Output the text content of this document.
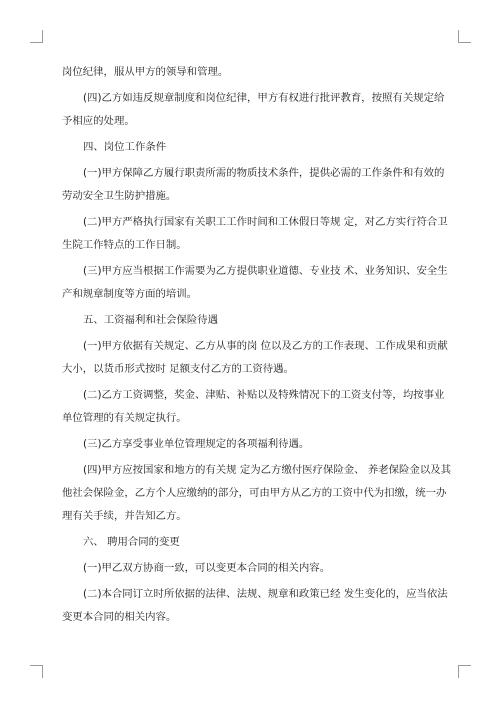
岗位纪律，服从甲方的领导和管理。
(四)乙方如违反规章制度和岗位纪律，甲方有权进行批评教育，按照有关规定给
予相应的处理。
四、岗位工作条件
(一)甲方保障乙方履行职责所需的物质技术条件，提供必需的工作条件和有效的
劳动安全卫生防护措施。
(二)甲方严格执行国家有关职工工作时间和工休假日等规 定，对乙方实行符合卫
生院工作特点的工作日制。
(三)甲方应当根据工作需要为乙方提供职业道德、专业技 术、业务知识、安全生
产和规章制度等方面的培训。
五、工资福利和社会保险待遇
(一)甲方依据有关规定、乙方从事的岗 位以及乙方的工作表现、工作成果和贡献
大小，以货币形式按时 足额支付乙方的工资待遇。
(二)乙方工资调整，奖金、津贴、补贴以及特殊情况下的工资支付等，均按事业
单位管理的有关规定执行。
(三)乙方享受事业单位管理规定的各项福利待遇。
(四)甲方应按国家和地方的有关规 定为乙方缴付医疗保险金、 养老保险金以及其
他社会保险金，乙方个人应缴纳的部分，可由甲方从乙方的工资中代为扣缴，统一办
理有关手续，并告知乙方。
六、 聘用合同的变更
(一)甲乙双方协商一致，可以变更本合同的相关内容。
(二)本合同订立时所依据的法律、法规、规章和政策已经 发生变化的，应当依法
变更本合同的相关内容。
